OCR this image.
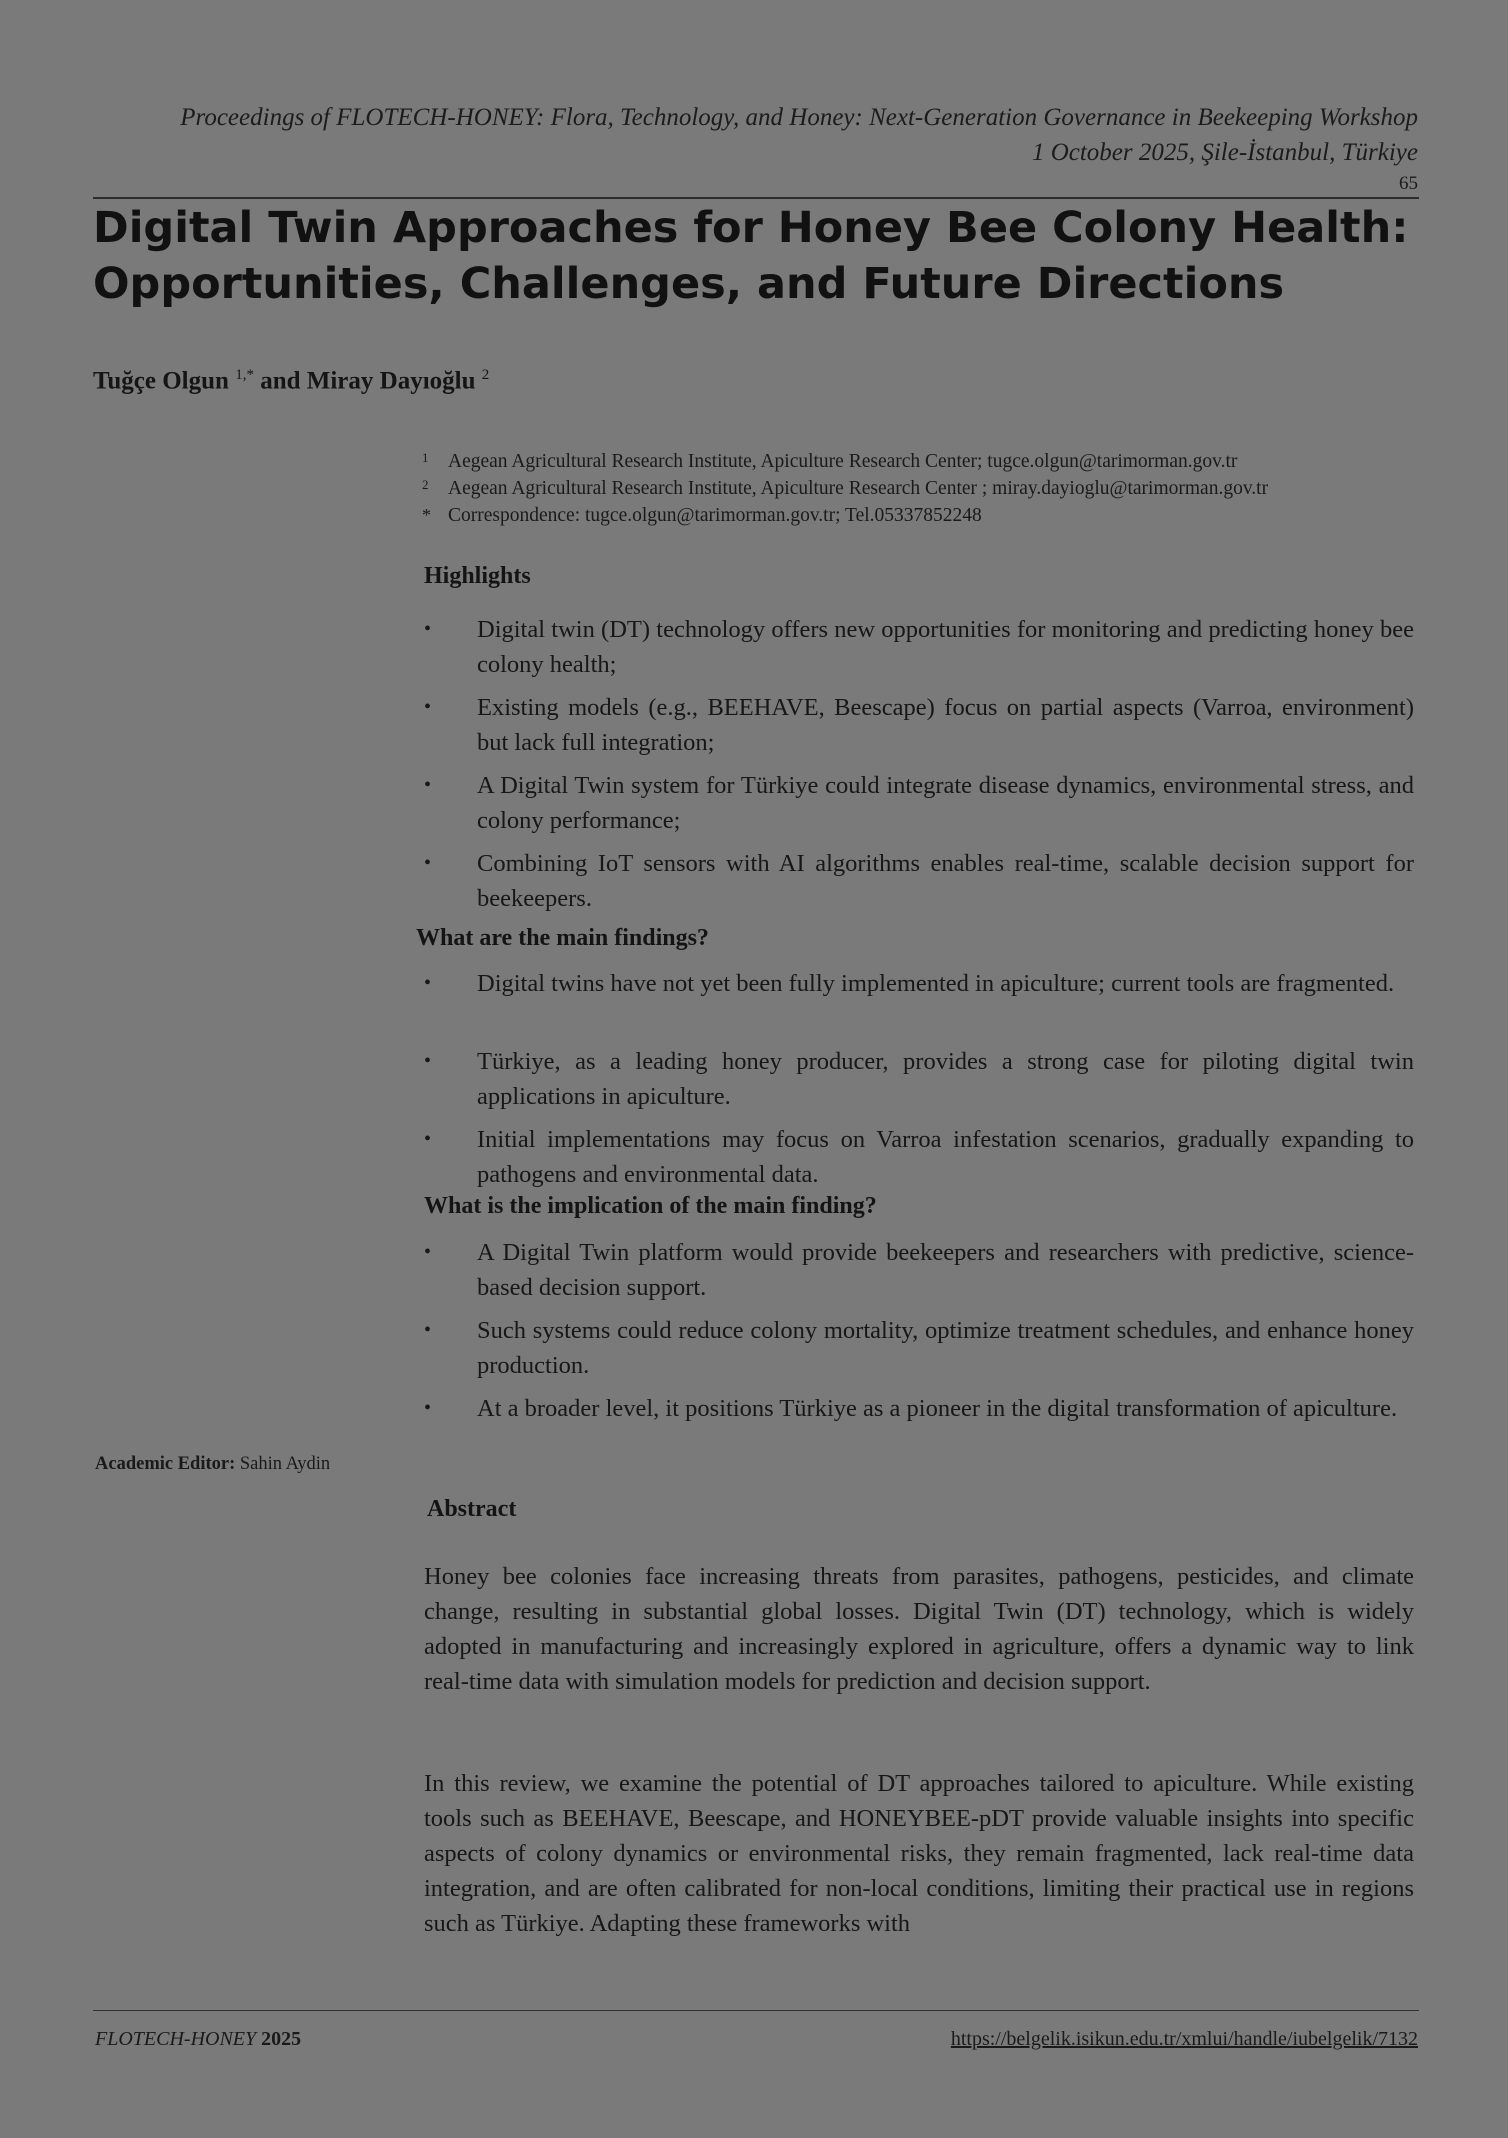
Proceedings of FLOTECH-HONEY: Flora, Technology, and Honey: Next-Generation Governance in Beekeeping Workshop
1 October 2025, Şile-İstanbul, Türkiye
65
Digital Twin Approaches for Honey Bee Colony Health: Opportunities, Challenges, and Future Directions
Tuğçe Olgun $^{1,*}$ and Miray Dayıoğlu $^2$
1 Aegean Agricultural Research Institute, Apiculture Research Center; tugce.olgun@tarimorman.gov.tr
2 Aegean Agricultural Research Institute, Apiculture Research Center ; miray.dayioglu@tarimorman.gov.tr
* Correspondence: tugce.olgun@tarimorman.gov.tr; Tel.05337852248
Highlights
• Digital twin (DT) technology offers new opportunities for monitoring and predicting honey bee colony health;
• Existing models (e.g., BEEHAVE, Beescape) focus on partial aspects (Varroa, environment) but lack full integration;
• A Digital Twin system for Türkiye could integrate disease dynamics, environmental stress, and colony performance;
• Combining IoT sensors with AI algorithms enables real-time, scalable decision support for beekeepers.
What are the main findings?
• Digital twins have not yet been fully implemented in apiculture; current tools are fragmented.
• Türkiye, as a leading honey producer, provides a strong case for piloting digital twin applications in apiculture.
• Initial implementations may focus on Varroa infestation scenarios, gradually expanding to pathogens and environmental data.
What is the implication of the main finding?
• A Digital Twin platform would provide beekeepers and researchers with predictive, science-based decision support.
• Such systems could reduce colony mortality, optimize treatment schedules, and enhance honey production.
• At a broader level, it positions Türkiye as a pioneer in the digital transformation of apiculture.
Academic Editor: Sahin Aydin
Abstract
Honey bee colonies face increasing threats from parasites, pathogens, pesticides, and climate change, resulting in substantial global losses. Digital Twin (DT) technology, which is widely adopted in manufacturing and increasingly explored in agriculture, offers a dynamic way to link real-time data with simulation models for prediction and decision support.
In this review, we examine the potential of DT approaches tailored to apiculture. While existing tools such as BEEHAVE, Beescape, and HONEYBEE-pDT provide valuable insights into specific aspects of colony dynamics or environmental risks, they remain fragmented, lack real-time data integration, and are often calibrated for non-local conditions, limiting their practical use in regions such as Türkiye. Adapting these frameworks with
FLOTECH-HONEY 2025	https://belgelik.isikun.edu.tr/xmlui/handle/iubelgelik/7132
